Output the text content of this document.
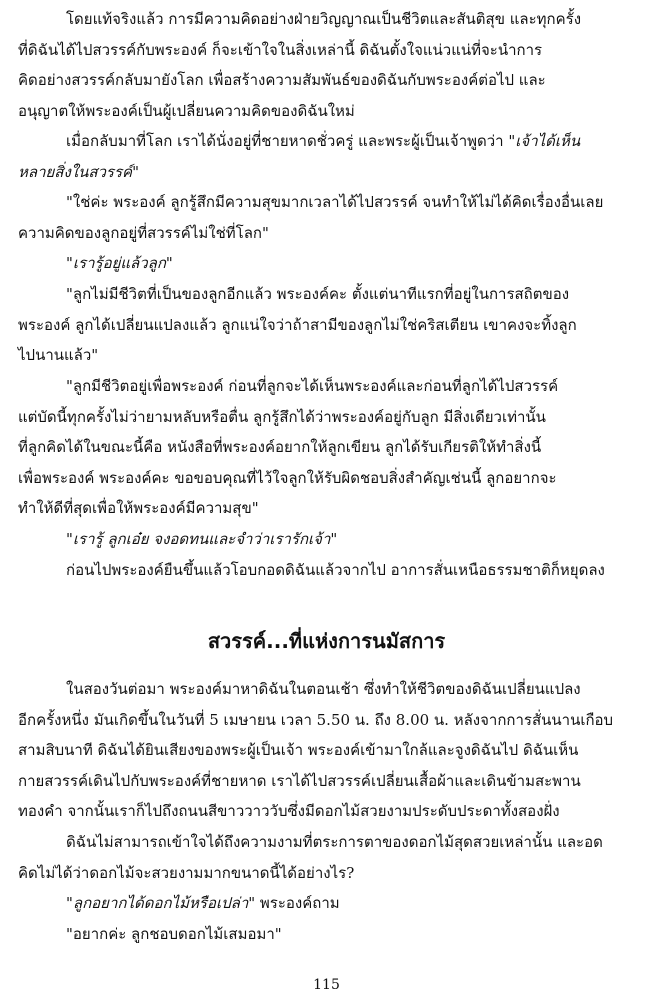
โดยแท้จริงแล้ว การมีความคิดอย่างฝ่ายวิญญาณเป็นชีวิตและสันติสุข และทุกครั้ง
ที่ดิฉันได้ไปสวรรค์กับพระองค์ ก็จะเข้าใจในสิ่งเหล่านี้ ดิฉันตั้งใจแน่วแน่ที่จะนำการ
คิดอย่างสวรรค์กลับมายังโลก เพื่อสร้างความสัมพันธ์ของดิฉันกับพระองค์ต่อไป และ
อนุญาตให้พระองค์เป็นผู้เปลี่ยนความคิดของดิฉันใหม่
เมื่อกลับมาที่โลก เราได้นั่งอยู่ที่ชายหาดชั่วครู่ และพระผู้เป็นเจ้าพูดว่า "เจ้าได้เห็น
หลายสิ่งในสวรรค์"
"ใช่ค่ะ พระองค์ ลูกรู้สึกมีความสุขมากเวลาได้ไปสวรรค์ จนทำให้ไม่ได้คิดเรื่องอื่นเลย
ความคิดของลูกอยู่ที่สวรรค์ไม่ใช่ที่โลก"
"เรารู้อยู่แล้วลูก"
"ลูกไม่มีชีวิตที่เป็นของลูกอีกแล้ว พระองค์คะ ตั้งแต่นาทีแรกที่อยู่ในการสถิตของ
พระองค์ ลูกได้เปลี่ยนแปลงแล้ว ลูกแน่ใจว่าถ้าสามีของลูกไม่ใช่คริสเตียน เขาคงจะทิ้งลูก
ไปนานแล้ว"
"ลูกมีชีวิตอยู่เพื่อพระองค์ ก่อนที่ลูกจะได้เห็นพระองค์และก่อนที่ลูกได้ไปสวรรค์
แต่บัดนี้ทุกครั้งไม่ว่ายามหลับหรือตื่น ลูกรู้สึกได้ว่าพระองค์อยู่กับลูก มีสิ่งเดียวเท่านั้น
ที่ลูกคิดได้ในขณะนี้คือ หนังสือที่พระองค์อยากให้ลูกเขียน ลูกได้รับเกียรติให้ทำสิ่งนี้
เพื่อพระองค์ พระองค์คะ ขอขอบคุณที่ไว้ใจลูกให้รับผิดชอบสิ่งสำคัญเช่นนี้ ลูกอยากจะ
ทำให้ดีที่สุดเพื่อให้พระองค์มีความสุข"
"เรารู้ ลูกเอ๋ย จงอดทนและจำว่าเรารักเจ้า"
ก่อนไปพระองค์ยืนขึ้นแล้วโอบกอดดิฉันแล้วจากไป อาการสั่นเหนือธรรมชาติก็หยุดลง
สวรรค์...ที่แห่งการนมัสการ
ในสองวันต่อมา พระองค์มาหาดิฉันในตอนเช้า ซึ่งทำให้ชีวิตของดิฉันเปลี่ยนแปลง
อีกครั้งหนึ่ง มันเกิดขึ้นในวันที่ 5 เมษายน เวลา 5.50 น. ถึง 8.00 น. หลังจากการสั่นนานเกือบ
สามสิบนาที ดิฉันได้ยินเสียงของพระผู้เป็นเจ้า พระองค์เข้ามาใกล้และจูงดิฉันไป ดิฉันเห็น
กายสวรรค์เดินไปกับพระองค์ที่ชายหาด เราได้ไปสวรรค์เปลี่ยนเสื้อผ้าและเดินข้ามสะพาน
ทองคำ จากนั้นเราก็ไปถึงถนนสีขาววาววับซึ่งมีดอกไม้สวยงามประดับประดาทั้งสองฝั่ง
ดิฉันไม่สามารถเข้าใจได้ถึงความงามที่ตระการตาของดอกไม้สุดสวยเหล่านั้น และอด
คิดไม่ได้ว่าดอกไม้จะสวยงามมากขนาดนี้ได้อย่างไร?
"ลูกอยากได้ดอกไม้หรือเปล่า" พระองค์ถาม
"อยากค่ะ ลูกชอบดอกไม้เสมอมา"
115
